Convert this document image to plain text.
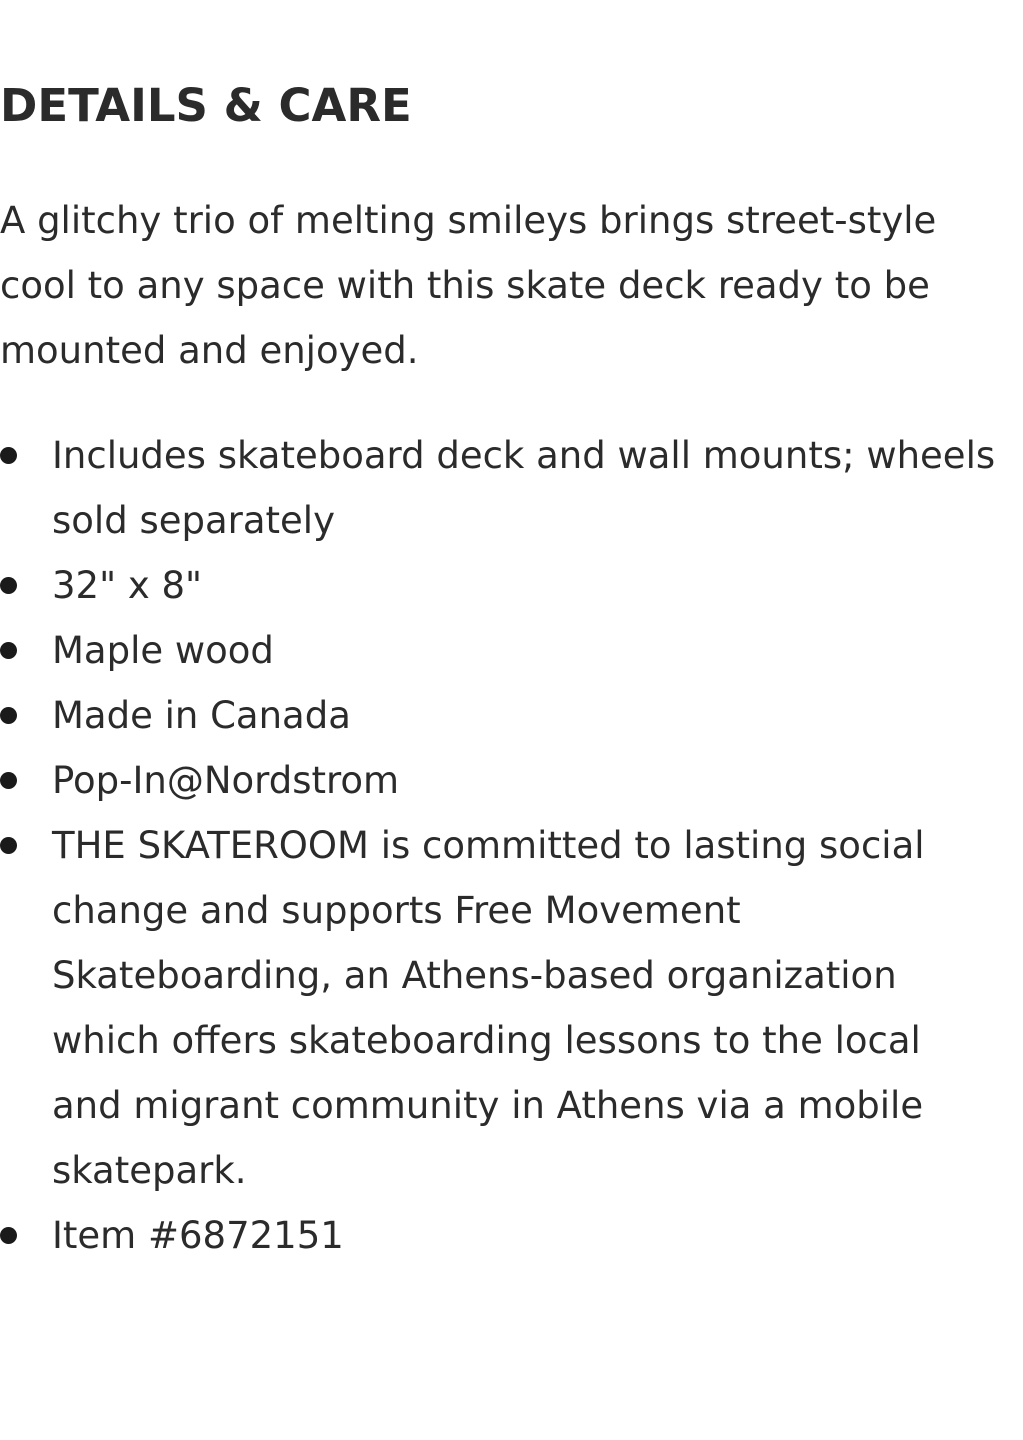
DETAILS & CARE

A glitchy trio of melting smileys brings street-style cool to any space with this skate deck ready to be mounted and enjoyed.

Includes skateboard deck and wall mounts; wheels sold separately
32" x 8"
Maple wood
Made in Canada
Pop-In@Nordstrom
THE SKATEROOM is committed to lasting social change and supports Free Movement Skateboarding, an Athens-based organization which offers skateboarding lessons to the local and migrant community in Athens via a mobile skatepark.
Item #6872151
